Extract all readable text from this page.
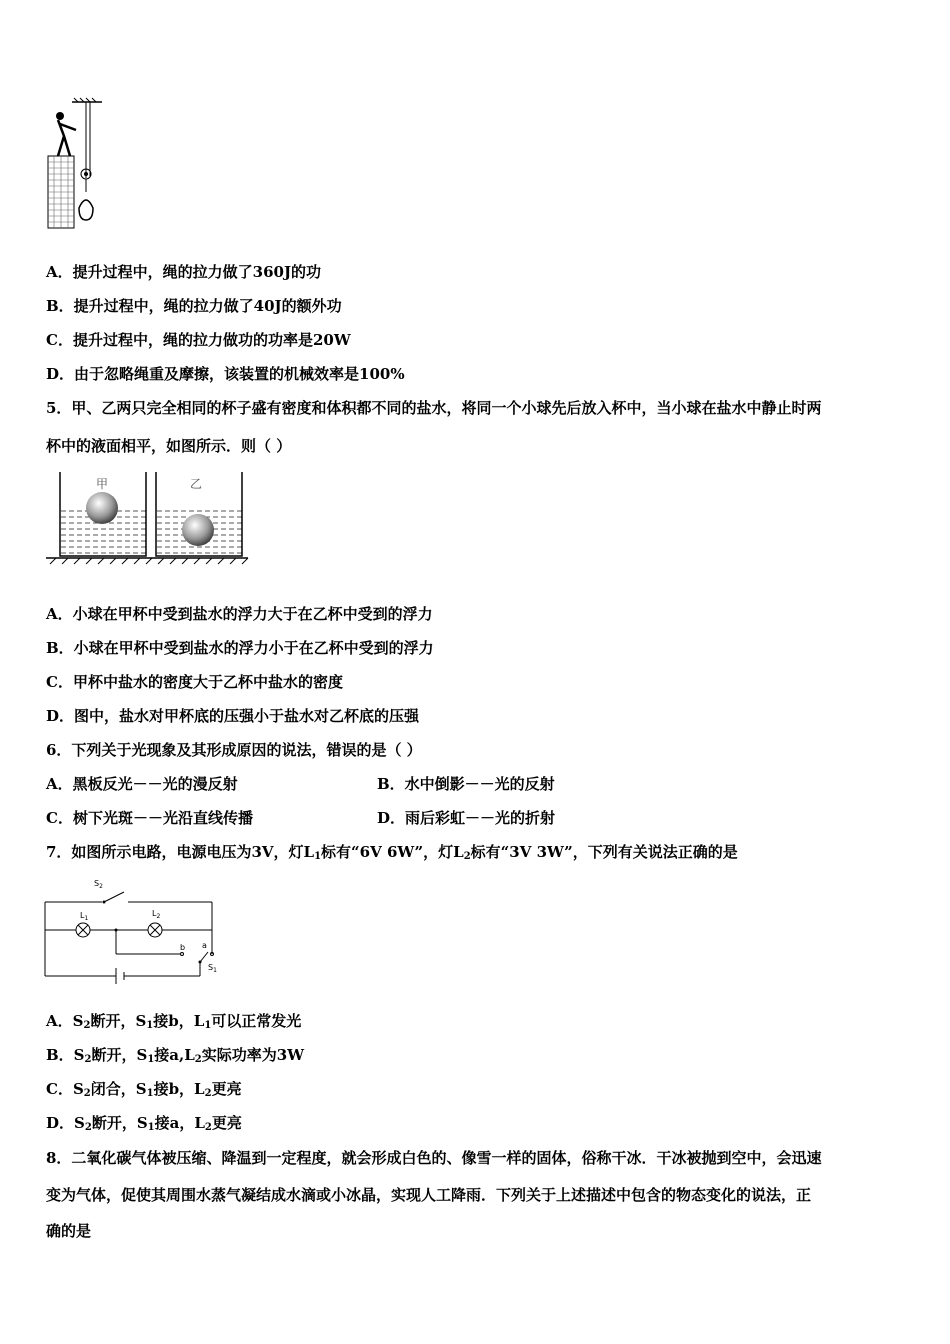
A．提升过程中，绳的拉力做了360J的功
B．提升过程中，绳的拉力做了40J的额外功
C．提升过程中，绳的拉力做功的功率是20W
D．由于忽略绳重及摩擦，该装置的机械效率是100%
5．甲、乙两只完全相同的杯子盛有密度和体积都不同的盐水，将同一个小球先后放入杯中，当小球在盐水中静止时两
杯中的液面相平，如图所示．则（ ）
甲	乙
A．小球在甲杯中受到盐水的浮力大于在乙杯中受到的浮力
B．小球在甲杯中受到盐水的浮力小于在乙杯中受到的浮力
C．甲杯中盐水的密度大于乙杯中盐水的密度
D．图中，盐水对甲杯底的压强小于盐水对乙杯底的压强
6．下列关于光现象及其形成原因的说法，错误的是（ ）
A．黑板反光－－光的漫反射	B．水中倒影－－光的反射
C．树下光斑－－光沿直线传播	D．雨后彩虹－－光的折射
7．如图所示电路，电源电压为3V，灯$L_1$标有“6V 6W”，灯$L_2$标有“3V 3W”，下列有关说法正确的是
$S_2$
$L_1$
$L_2$
b a
$S_1$
A．$S_2$断开，$S_1$接b，$L_1$可以正常发光
B．$S_2$断开，$S_1$接$a,L_2$实际功率为3W
C．$S_2$闭合，$S_1$接b，$L_2$更亮
D．$S_2$断开，$S_1$接a，$L_2$更亮
8．二氧化碳气体被压缩、降温到一定程度，就会形成白色的、像雪一样的固体，俗称干冰．干冰被抛到空中，会迅速
变为气体，促使其周围水蒸气凝结成水滴或小冰晶，实现人工降雨．下列关于上述描述中包含的物态变化的说法，正
确的是
